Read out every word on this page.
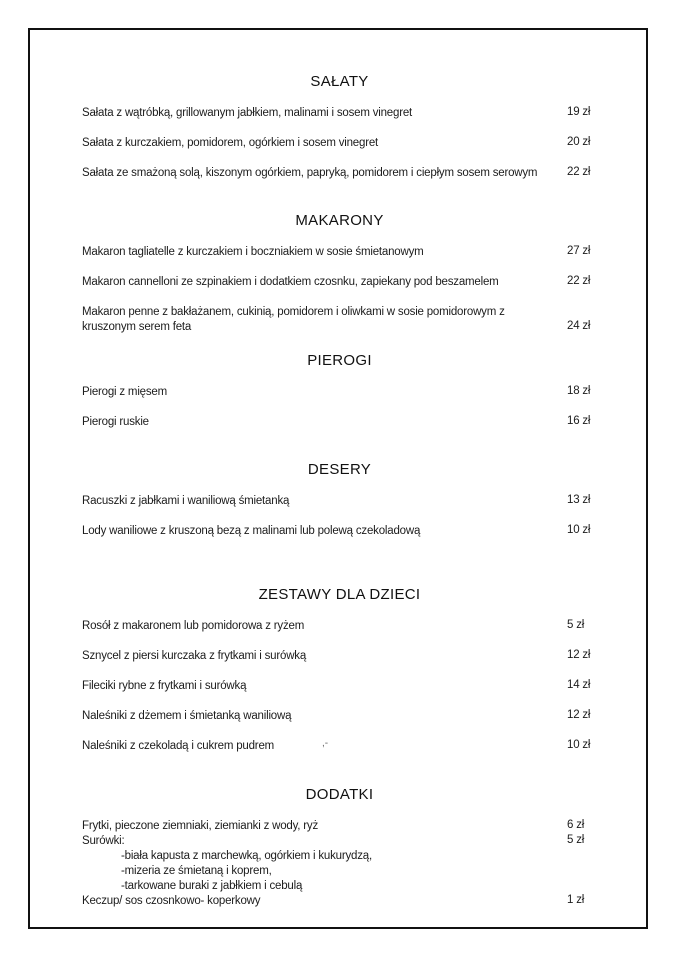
SAŁATY
Sałata z wątróbką, grillowanym jabłkiem, malinami i sosem vinegret	19 zł
Sałata z kurczakiem, pomidorem, ogórkiem i sosem vinegret	20 zł
Sałata ze smażoną solą, kiszonym ogórkiem, papryką, pomidorem i ciepłym sosem serowym	22 zł
MAKARONY
Makaron tagliatelle z kurczakiem i boczniakiem w sosie śmietanowym	27 zł
Makaron cannelloni ze szpinakiem i dodatkiem czosnku, zapiekany pod beszamelem	22 zł
Makaron penne z bakłażanem, cukinią, pomidorem i oliwkami w sosie pomidorowym z
kruszonym serem feta	24 zł
PIEROGI
Pierogi z mięsem	18 zł
Pierogi ruskie	16 zł
DESERY
Racuszki z jabłkami i waniliową śmietanką	13 zł
Lody waniliowe z kruszoną bezą z malinami lub polewą czekoladową	10 zł
ZESTAWY DLA DZIECI
Rosół z makaronem lub pomidorowa z ryżem	5 zł
Sznycel z piersi kurczaka z frytkami i surówką	12 zł
Fileciki rybne z frytkami i surówką	14 zł
Naleśniki z dżemem i śmietanką waniliową	12 zł
Naleśniki z czekoladą i cukrem pudrem	,-	10 zł
DODATKI
Frytki, pieczone ziemniaki, ziemianki z wody, ryż	6 zł
Surówki:	5 zł
-biała kapusta z marchewką, ogórkiem i kukurydzą,
-mizeria ze śmietaną i koprem,
-tarkowane buraki z jabłkiem i cebulą
Keczup/ sos czosnkowo- koperkowy	1 zł
